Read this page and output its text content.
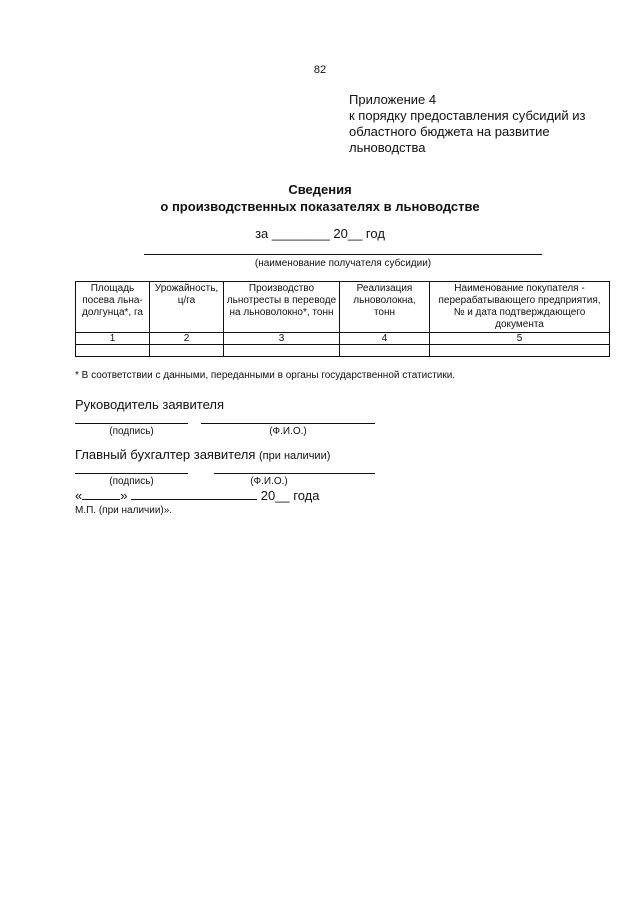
82
Приложение 4
к порядку предоставления субсидий из
областного бюджета на развитие
льноводства
Сведения
о производственных показателях в льноводстве
за ________ 20__ год
(наименование получателя субсидии)
Площадь посева льна-долгунца*, га	Урожайность, ц/га	Производство льнотресты в переводе на льноволокно*, тонн	Реализация льноволокна, тонн	Наименование покупателя - перерабатывающего предприятия, № и дата подтверждающего документа
1	2	3	4	5

* В соответствии с данными, переданными в органы государственной статистики.
Руководитель заявителя
(подпись)	(Ф.И.О.)
Главный бухгалтер заявителя (при наличии)
(подпись)	(Ф.И.О.)
«	»	20__ года
М.П. (при наличии)».
